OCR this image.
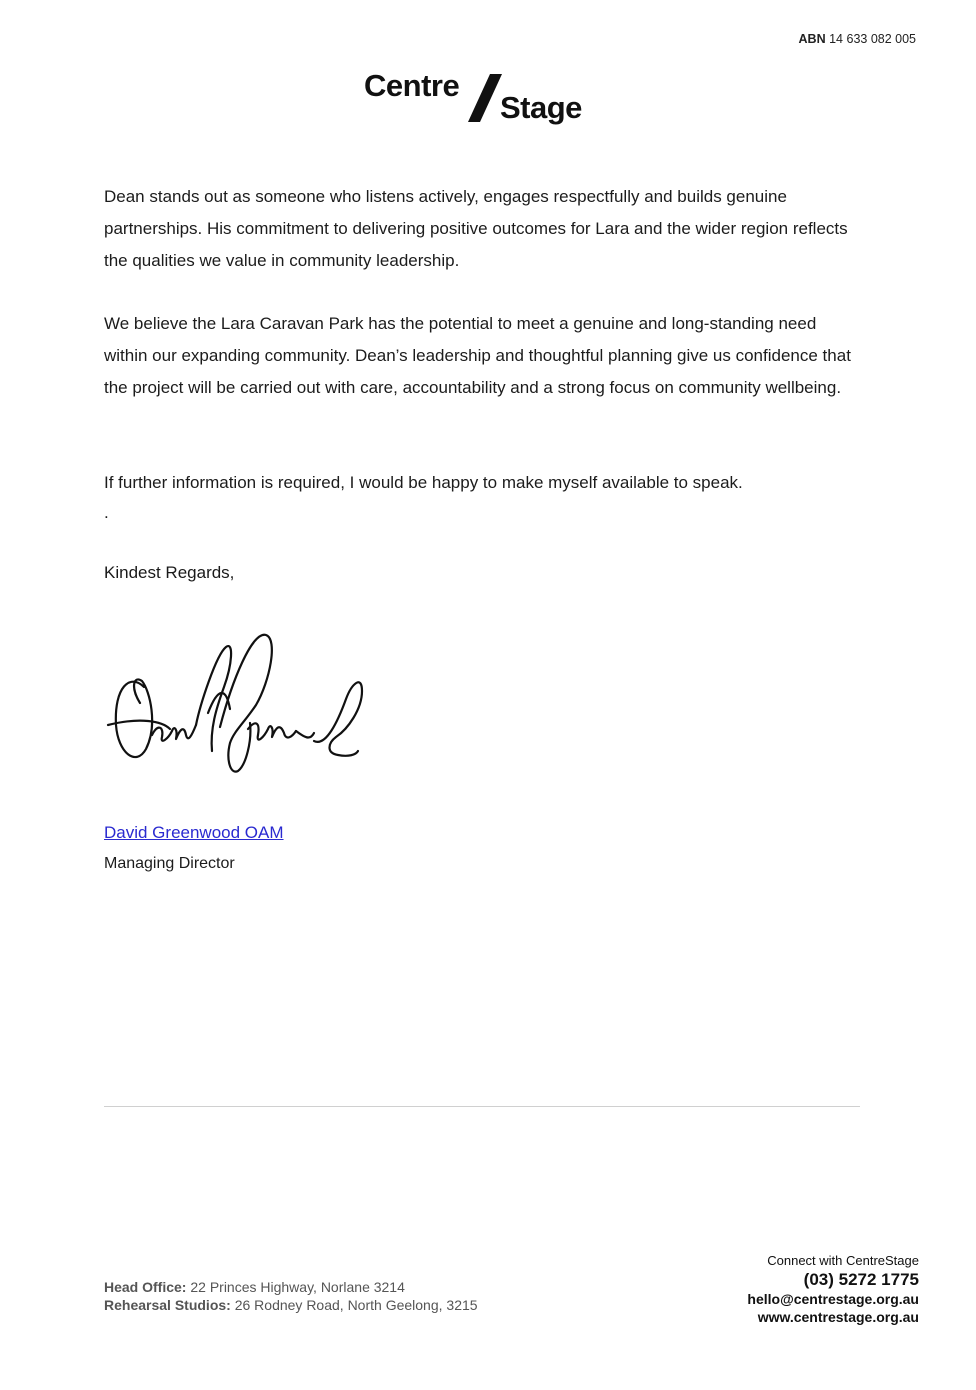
ABN 14 633 082 005
Centre
Stage
Dean stands out as someone who listens actively, engages respectfully and builds genuine partnerships. His commitment to delivering positive outcomes for Lara and the wider region reflects the qualities we value in community leadership.
We believe the Lara Caravan Park has the potential to meet a genuine and long-standing need within our expanding community. Dean’s leadership and thoughtful planning give us confidence that the project will be carried out with care, accountability and a strong focus on community wellbeing.
If further information is required, I would be happy to make myself available to speak.
.
Kindest Regards,
David Greenwood OAM
Managing Director
Head Office: 22 Princes Highway, Norlane 3214
Rehearsal Studios: 26 Rodney Road, North Geelong, 3215
Connect with CentreStage
(03) 5272 1775
hello@centrestage.org.au
www.centrestage.org.au
